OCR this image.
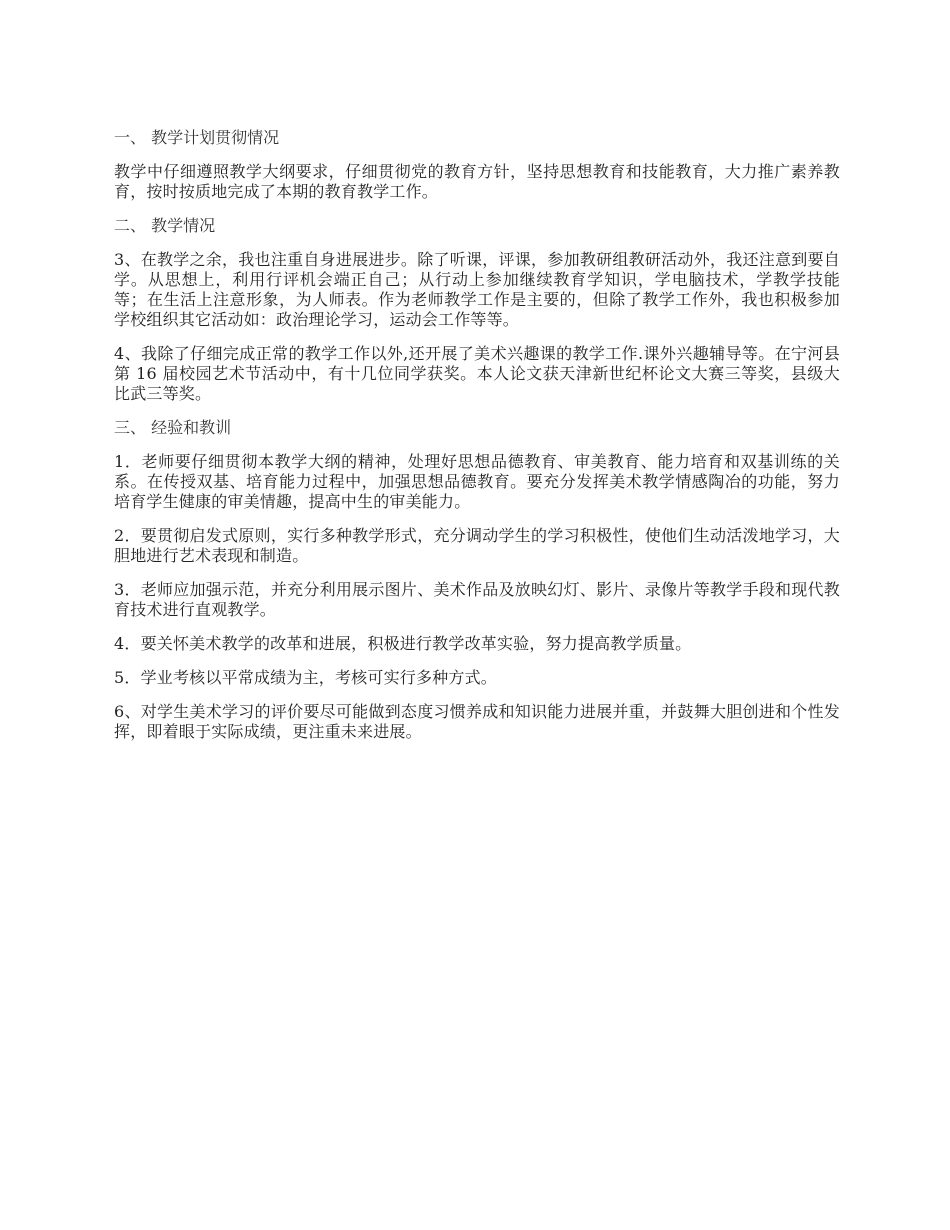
一、 教学计划贯彻情况
教学中仔细遵照教学大纲要求，仔细贯彻党的教育方针，坚持思想教育和技能教育，大力推广素养教育，按时按质地完成了本期的教育教学工作。
二、 教学情况
3、在教学之余，我也注重自身进展进步。除了听课，评课，参加教研组教研活动外，我还注意到要自学。从思想上，利用行评机会端正自己；从行动上参加继续教育学知识，学电脑技术，学教学技能等；在生活上注意形象，为人师表。作为老师教学工作是主要的，但除了教学工作外，我也积极参加学校组织其它活动如：政治理论学习，运动会工作等等。
4、我除了仔细完成正常的教学工作以外,还开展了美术兴趣课的教学工作.课外兴趣辅导等。在宁河县第 16 届校园艺术节活动中，有十几位同学获奖。本人论文获天津新世纪杯论文大赛三等奖，县级大比武三等奖。
三、 经验和教训
1．老师要仔细贯彻本教学大纲的精神，处理好思想品德教育、审美教育、能力培育和双基训练的关系。在传授双基、培育能力过程中，加强思想品德教育。要充分发挥美术教学情感陶冶的功能，努力培育学生健康的审美情趣，提高中生的审美能力。
2．要贯彻启发式原则，实行多种教学形式，充分调动学生的学习积极性，使他们生动活泼地学习，大胆地进行艺术表现和制造。
3．老师应加强示范，并充分利用展示图片、美术作品及放映幻灯、影片、录像片等教学手段和现代教育技术进行直观教学。
4．要关怀美术教学的改革和进展，积极进行教学改革实验，努力提高教学质量。
5．学业考核以平常成绩为主，考核可实行多种方式。
6、对学生美术学习的评价要尽可能做到态度习惯养成和知识能力进展并重，并鼓舞大胆创进和个性发挥，即着眼于实际成绩，更注重未来进展。
